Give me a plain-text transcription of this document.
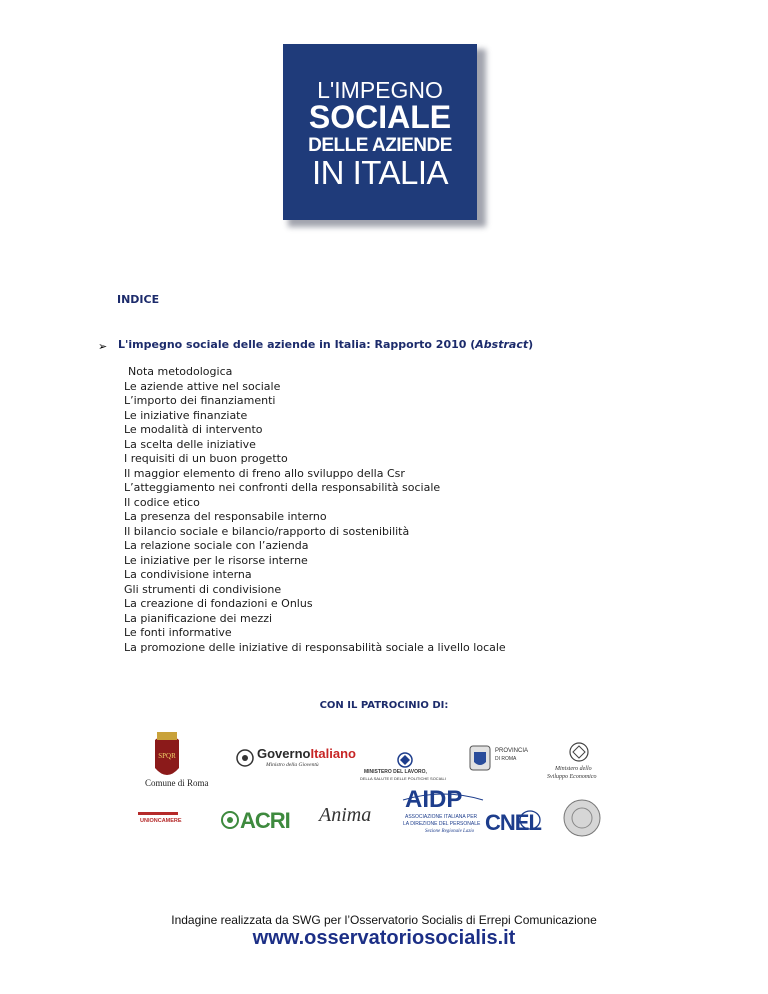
L'IMPEGNO
SOCIALE
DELLE AZIENDE
IN ITALIA
INDICE
➢ L'impegno sociale delle aziende in Italia: Rapporto 2010 (Abstract)
Nota metodologica
Le aziende attive nel sociale
L’importo dei finanziamenti
Le iniziative finanziate
Le modalità di intervento
La scelta delle iniziative
I requisiti di un buon progetto
Il maggior elemento di freno allo sviluppo della Csr
L’atteggiamento nei confronti della responsabilità sociale
Il codice etico
La presenza del responsabile interno
Il bilancio sociale e bilancio/rapporto di sostenibilità
La relazione sociale con l’azienda
Le iniziative per le risorse interne
La condivisione interna
Gli strumenti di condivisione
La creazione di fondazioni e Onlus
La pianificazione dei mezzi
Le fonti informative
La promozione delle iniziative di responsabilità sociale a livello locale
CON IL PATROCINIO DI:
SPQR
Comune di Roma
GovernoItaliano
Ministro della Gioventù
MINISTERO DEL LAVORO,
DELLA SALUTE E DELLE POLITICHE SOCIALI
PROVINCIA
DI ROMA
Ministero dello
Sviluppo Economico
UNIONCAMERE	ACRI Anima
AIDP
ASSOCIAZIONE ITALIANA PER
LA DIREZIONE DEL PERSONALE
Sezione Regionale Lazio CNEL
Indagine realizzata da SWG per l’Osservatorio Socialis di Errepi Comunicazione
www.osservatoriosocialis.it
